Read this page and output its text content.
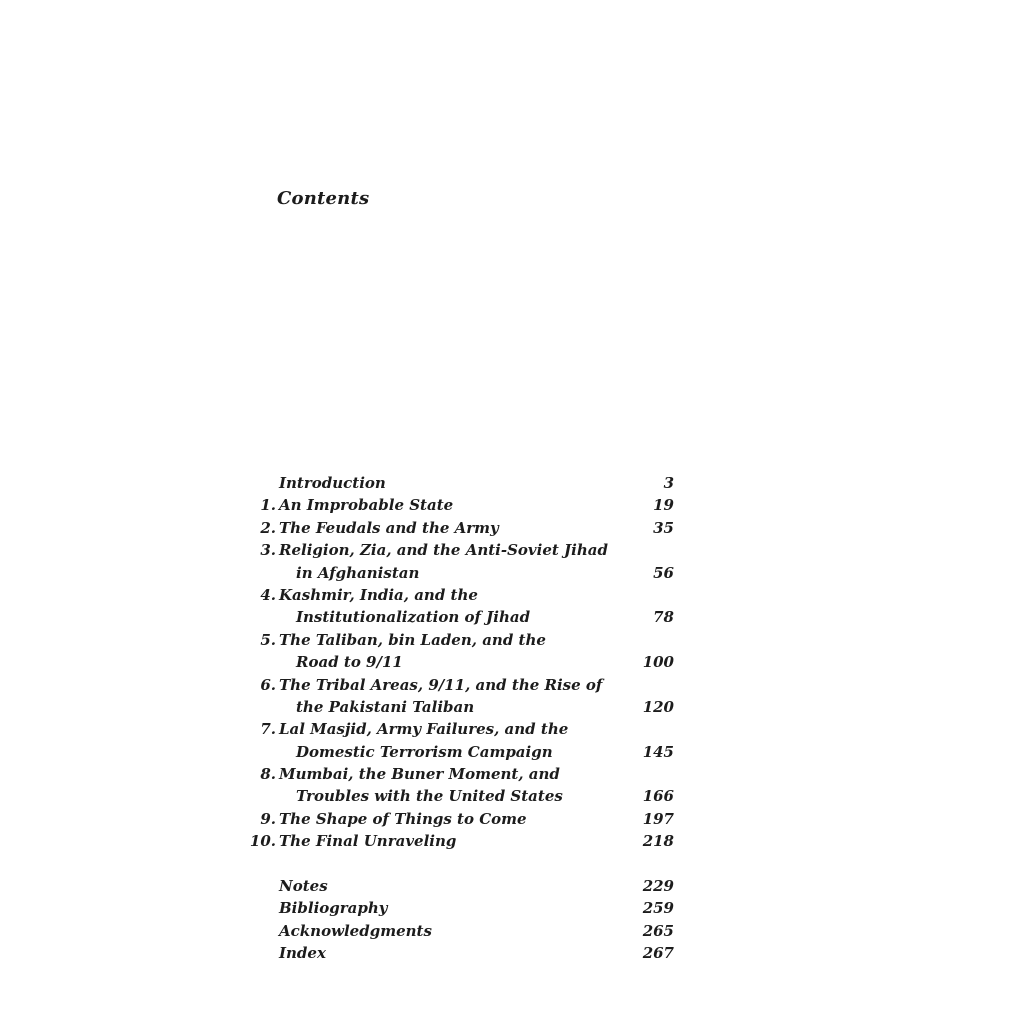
Contents
Introduction	3
1. An Improbable State	19
2. The Feudals and the Army	35
3. Religion, Zia, and the Anti-Soviet Jihad
in Afghanistan	56
4. Kashmir, India, and the
Institutionalization of Jihad	78
5. The Taliban, bin Laden, and the
Road to 9/11	100
6. The Tribal Areas, 9/11, and the Rise of
the Pakistani Taliban	120
7. Lal Masjid, Army Failures, and the
Domestic Terrorism Campaign	145
8. Mumbai, the Buner Moment, and
Troubles with the United States	166
9. The Shape of Things to Come	197
10. The Final Unraveling	218
Notes	229
Bibliography	259
Acknowledgments	265
Index	267
